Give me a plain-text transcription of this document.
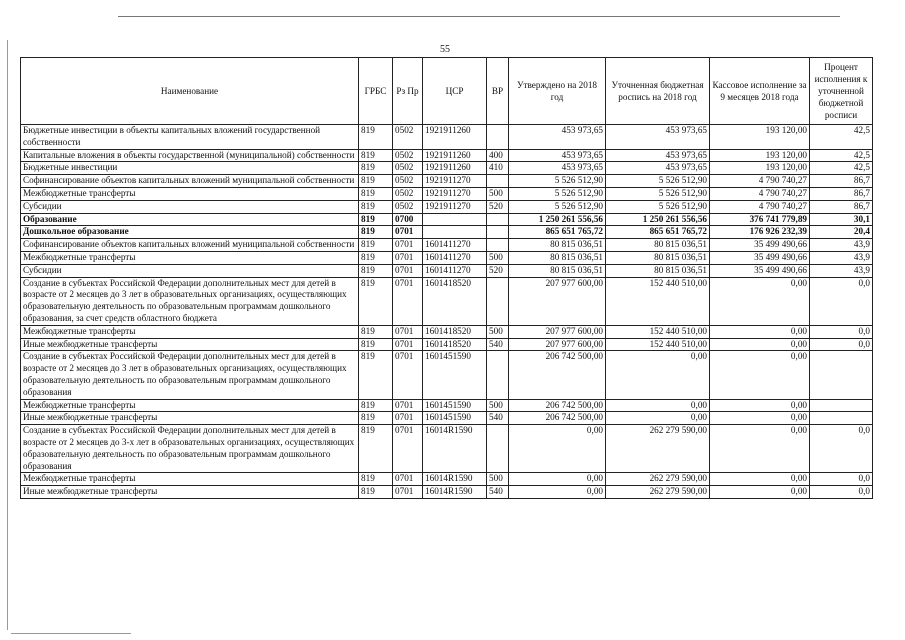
55
Наименование	ГРБС	Рз Пр	ЦСР	ВР	Утверждено на 2018 год	Уточненная бюджетная роспись на 2018 год	Кассовое исполнение за 9 месяцев 2018 года	Процент исполнения к уточненной бюджетной росписи
Бюджетные инвестиции в объекты капитальных вложений государственной собственности	819	0502	1921911260		453 973,65	453 973,65	193 120,00	42,5
Капитальные вложения в объекты государственной (муниципальной) собственности	819	0502	1921911260	400	453 973,65	453 973,65	193 120,00	42,5
Бюджетные инвестиции	819	0502	1921911260	410	453 973,65	453 973,65	193 120,00	42,5
Софинансирование объектов капитальных вложений муниципальной собственности	819	0502	1921911270		5 526 512,90	5 526 512,90	4 790 740,27	86,7
Межбюджетные трансферты	819	0502	1921911270	500	5 526 512,90	5 526 512,90	4 790 740,27	86,7
Субсидии	819	0502	1921911270	520	5 526 512,90	5 526 512,90	4 790 740,27	86,7
Образование	819	0700			1 250 261 556,56	1 250 261 556,56	376 741 779,89	30,1
Дошкольное образование	819	0701			865 651 765,72	865 651 765,72	176 926 232,39	20,4
Софинансирование объектов капитальных вложений муниципальной собственности	819	0701	1601411270		80 815 036,51	80 815 036,51	35 499 490,66	43,9
Межбюджетные трансферты	819	0701	1601411270	500	80 815 036,51	80 815 036,51	35 499 490,66	43,9
Субсидии	819	0701	1601411270	520	80 815 036,51	80 815 036,51	35 499 490,66	43,9
Создание в субъектах Российской Федерации дополнительных мест для детей в возрасте от 2 месяцев до 3 лет в образовательных организациях, осуществляющих образовательную деятельность по образовательным программам дошкольного образования, за счет средств областного бюджета	819	0701	1601418520		207 977 600,00	152 440 510,00	0,00	0,0
Межбюджетные трансферты	819	0701	1601418520	500	207 977 600,00	152 440 510,00	0,00	0,0
Иные межбюджетные трансферты	819	0701	1601418520	540	207 977 600,00	152 440 510,00	0,00	0,0
Создание в субъектах Российской Федерации дополнительных мест для детей в возрасте от 2 месяцев до 3 лет в образовательных организациях, осуществляющих образовательную деятельность по образовательным программам дошкольного образования	819	0701	1601451590		206 742 500,00	0,00	0,00	
Межбюджетные трансферты	819	0701	1601451590	500	206 742 500,00	0,00	0,00	
Иные межбюджетные трансферты	819	0701	1601451590	540	206 742 500,00	0,00	0,00	
Создание в субъектах Российской Федерации дополнительных мест для детей в возрасте от 2 месяцев до 3-х лет в образовательных организациях, осуществляющих образовательную деятельность по образовательным программам дошкольного образования	819	0701	16014R1590		0,00	262 279 590,00	0,00	0,0
Межбюджетные трансферты	819	0701	16014R1590	500	0,00	262 279 590,00	0,00	0,0
Иные межбюджетные трансферты	819	0701	16014R1590	540	0,00	262 279 590,00	0,00	0,0
